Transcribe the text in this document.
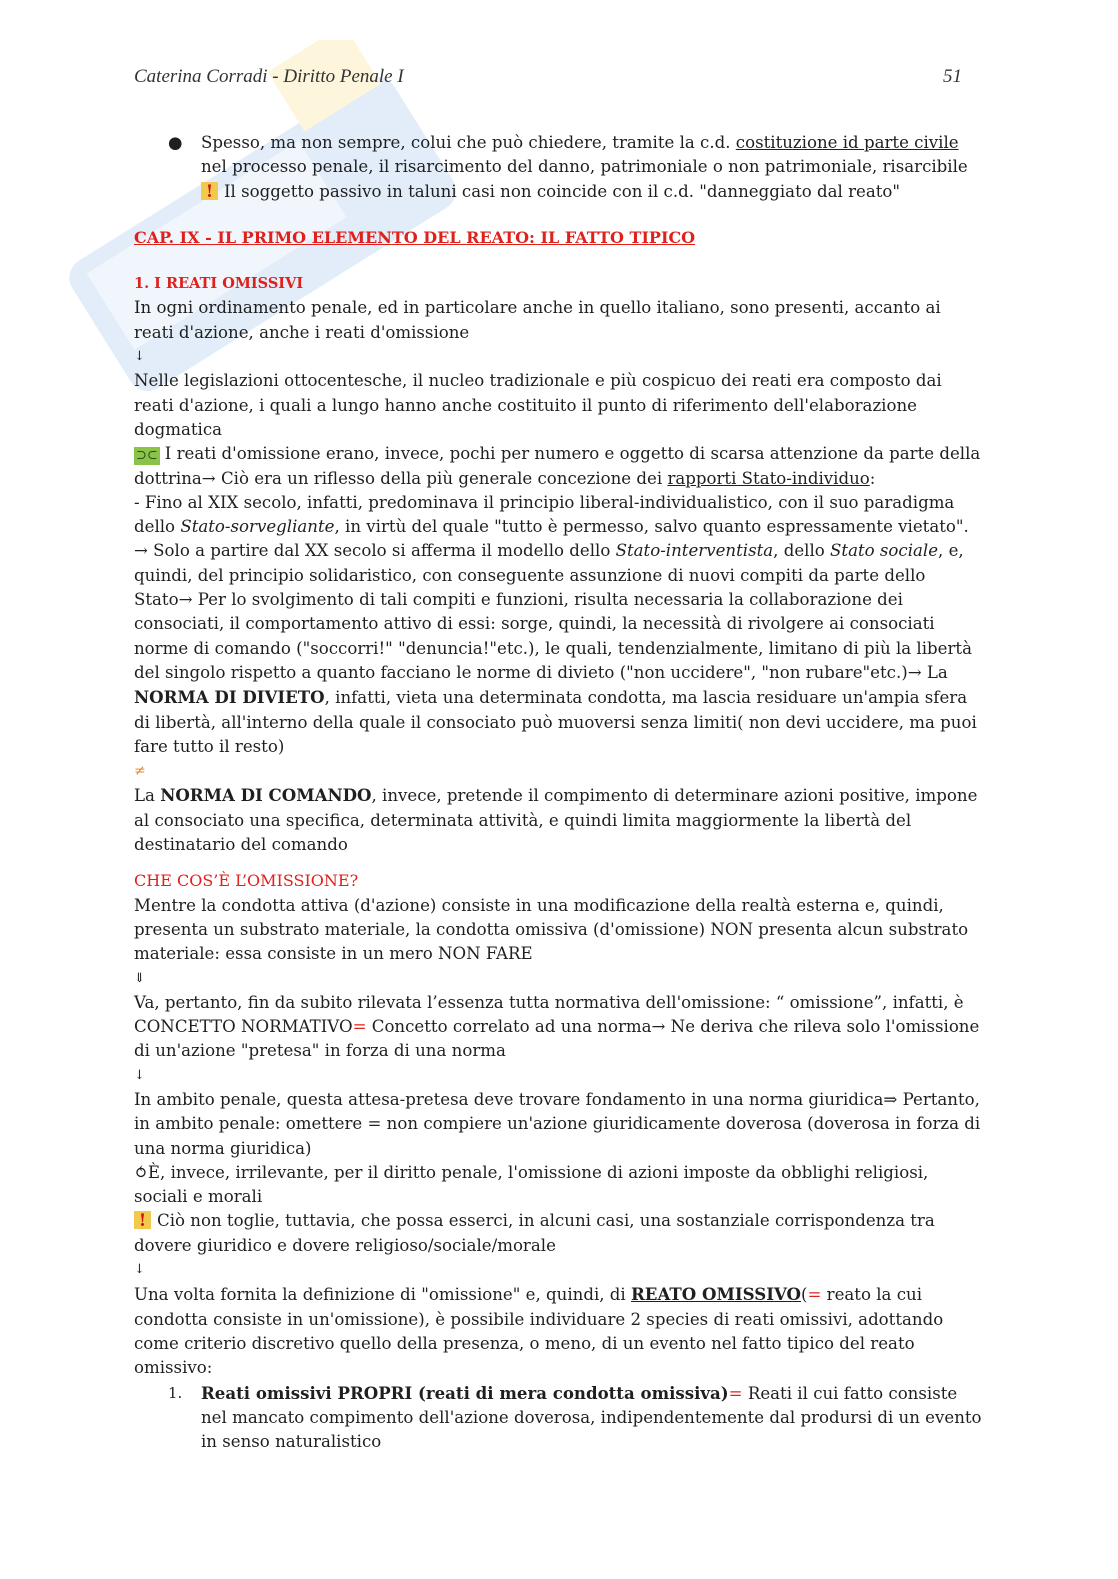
Caterina Corradi - Diritto Penale I	51

● Spesso, ma non sempre, colui che può chiedere, tramite la c.d. costituzione id parte civile nel processo penale, il risarcimento del danno, patrimoniale o non patrimoniale, risarcibile
! Il soggetto passivo in taluni casi non coincide con il c.d. "danneggiato dal reato"

CAP. IX - IL PRIMO ELEMENTO DEL REATO: IL FATTO TIPICO

1. I REATI OMISSIVI

In ogni ordinamento penale, ed in particolare anche in quello italiano, sono presenti, accanto ai reati d'azione, anche i reati d'omissione

↓

Nelle legislazioni ottocentesche, il nucleo tradizionale e più cospicuo dei reati era composto dai reati d'azione, i quali a lungo hanno anche costituito il punto di riferimento dell'elaborazione dogmatica

⊃⊂ I reati d'omissione erano, invece, pochi per numero e oggetto di scarsa attenzione da parte della dottrina→ Ciò era un riflesso della più generale concezione dei rapporti Stato-individuo:

- Fino al XIX secolo, infatti, predominava il principio liberal-individualistico, con il suo paradigma dello Stato-sorvegliante, in virtù del quale "tutto è permesso, salvo quanto espressamente vietato".

→ Solo a partire dal XX secolo si afferma il modello dello Stato-interventista, dello Stato sociale, e, quindi, del principio solidaristico, con conseguente assunzione di nuovi compiti da parte dello Stato→ Per lo svolgimento di tali compiti e funzioni, risulta necessaria la collaborazione dei consociati, il comportamento attivo di essi: sorge, quindi, la necessità di rivolgere ai consociati norme di comando ("soccorri!" "denuncia!"etc.), le quali, tendenzialmente, limitano di più la libertà del singolo rispetto a quanto facciano le norme di divieto ("non uccidere", "non rubare"etc.)→ La NORMA DI DIVIETO, infatti, vieta una determinata condotta, ma lascia residuare un'ampia sfera di libertà, all'interno della quale il consociato può muoversi senza limiti( non devi uccidere, ma puoi fare tutto il resto)

≠

La NORMA DI COMANDO, invece, pretende il compimento di determinare azioni positive, impone al consociato una specifica, determinata attività, e quindi limita maggiormente la libertà del destinatario del comando

CHE COS’È L’OMISSIONE?

Mentre la condotta attiva (d'azione) consiste in una modificazione della realtà esterna e, quindi, presenta un substrato materiale, la condotta omissiva (d'omissione) NON presenta alcun substrato materiale: essa consiste in un mero NON FARE

⇓

Va, pertanto, fin da subito rilevata l’essenza tutta normativa dell'omissione: “ omissione”, infatti, è CONCETTO NORMATIVO= Concetto correlato ad una norma→ Ne deriva che rileva solo l'omissione di un'azione "pretesa" in forza di una norma

↓

In ambito penale, questa attesa-pretesa deve trovare fondamento in una norma giuridica⇒ Pertanto, in ambito penale: omettere = non compiere un'azione giuridicamente doverosa (doverosa in forza di una norma giuridica)

⥀È, invece, irrilevante, per il diritto penale, l'omissione di azioni imposte da obblighi religiosi, sociali e morali

! Ciò non toglie, tuttavia, che possa esserci, in alcuni casi, una sostanziale corrispondenza tra dovere giuridico e dovere religioso/sociale/morale

↓

Una volta fornita la definizione di "omissione" e, quindi, di REATO OMISSIVO(= reato la cui condotta consiste in un'omissione), è possibile individuare 2 species di reati omissivi, adottando come criterio discretivo quello della presenza, o meno, di un evento nel fatto tipico del reato omissivo:

1. Reati omissivi PROPRI (reati di mera condotta omissiva)= Reati il cui fatto consiste nel mancato compimento dell'azione doverosa, indipendentemente dal prodursi di un evento in senso naturalistico
